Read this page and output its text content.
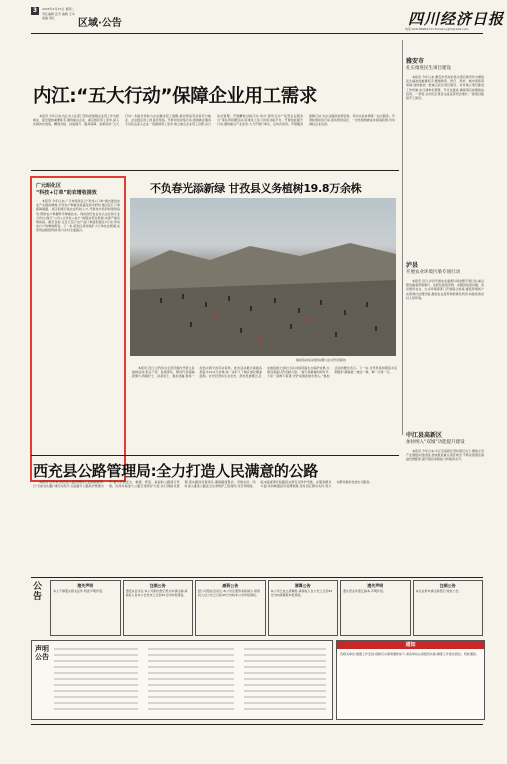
3	2025年4月15日 星期二
责任编辑 张芳 编辑 王中 美编 周红	区域·公告	四川经济日报
电话:028-86961711 Email:scjjrb@126.com
内江:“五大行动”保障企业用工需求

本报讯 今年以来,内江市人社部门坚持把保障企业用工作为稳就业、促发展的重要抓手,围绕重点企业、重点园区用工需求,深入实施岗位收集、精准对接、技能提升、服务保障、政策扶持“五大行动”,多措并举助力企业解决招工难题,推动形成劳动者充分就业、企业稳定用工的良好局面。开展岗位收集行动,组建就业服务专员队伍深入企业一线摸排用工需求,建立重点企业用工台账,实行动态管理。开展精准对接行动,举办“春风行动”“民营企业服务月”等系列招聘活动,搭建线上线下供需对接平台。开展技能提升行动,围绕重点产业需求,大力开展订单式、定向式培训。开展服务保障行动,为企业提供政策咨询、劳动关系协调等一站式服务。开展政策扶持行动,落实稳岗返还、一次性吸纳就业补贴等政策,切实减轻企业负担。

雅安市
扎实推进民生项目建设

本报讯 今年以来,雅安市坚持把民生项目建设作为增进民生福祉的重要抓手,聚焦教育、医疗、养老、城市更新等领域,加快推进一批重点民生项目建设。该市建立项目推进工作机制,实行清单化管理、节点化推进,确保项目按期建成投用。一季度,全市民生项目完成投资同比增长,一批项目陆续开工建设。

泸县
开展农业环境污染专项行动

本报讯 近日,泸县开展农业面源污染治理专项行动,重点整治畜禽养殖粪污、农药包装废弃物、农膜回收等问题。该县组织农业、生态环境等部门开展联合检查,督促养殖场户完善粪污处理设施,推进农业废弃物资源化利用,持续改善农村人居环境。

中江县高新区
加快纳入“双城”功能提升建设

本报讯 今年以来,中江县高新区坚持项目为王,聚焦主导产业强链补链延链,加快推进重点项目建设,不断完善园区基础设施配套,提升园区承载能力和服务水平。

广元昭化区
“科技+订单”助农增收提效

本报讯 今年以来,广元市昭化区以“科技+订单”模式推进农业产业提质增效,引导农户种植优质蔬菜和中药材,通过签订订单保障销路。该区积极引进农业科技人才,开展技术培训和现场指导,帮助农户掌握科学种植技术。同时依托农业龙头企业和专业合作社,推行“公司+合作社+农户”的联农带农机制,实现产销有效衔接。截至目前,全区已签订农产品订单面积超过2万亩,带动农户户均增收明显。下一步,昭化区将持续扩大订单农业规模,完善利益联结机制,助力乡村全面振兴。

不负春光添新绿 甘孜县义务植树19.8万余株
植树造林活动现场(图片由甘孜县提供)

本报讯 近日,甘孜县在全县范围内开展义务植树活动,机关干部、驻地部队、群众代表等踊跃参与,挥锹铲土、扶苗培土、提水浇灌,现场一派热火朝天的劳动景象。此次活动累计栽植各类苗木19.8万余株,进一步扩大了城乡绿化覆盖面积。甘孜县坚持生态优先、绿色发展理念,扎实推进国土绿化行动,持续巩固生态保护成果,为建设美丽甘孜贡献力量。“春天是植树的好时节,大家一起种下希望,守护家园的绿水青山。”参加活动的群众表示。下一步,甘孜县将加强苗木后期管护,确保栽一株活一株、种一片绿一片。

西充县公路管理局:全力打造人民满意的公路

本报讯 近年来,西充县公路管理局立足职能职责,以“四好农村路”建设为抓手,全面提升公路养护管理水平,着力打造安全、畅通、舒适、美丽的公路通行环境。该局持续加大公路日常养护力度,实行网格化管理,落实路段包保责任,确保路面整洁、设施完好。同时深入推进公路安全生命防护工程建设,对急弯陡坡、临水临崖等危险路段完善安全防护设施。在服务群众方面,该局畅通投诉受理渠道,及时回应群众关切,努力为群众提供优质出行服务。

公告
遗失声明
本人不慎遗失相关证件,特此声明作废。
注销公告
经股东会决议,本公司拟向登记机关申请注销,请债权人自本公告发布之日起45日内申报债权。
减资公告
经公司股东会决议,本公司注册资本拟减少,请债权人自公告之日起45日内向本公司申报债权。
清算公告
本公司已成立清算组,请债权人自公告之日起45日内向清算组申报债权。
遗失声明
遗失营业执照正副本,声明作废。
注销公告
本企业拟申请注销登记,特此公告。
声明公告
通知
各相关单位:根据工作安排,现就有关事项通知如下,请各单位认真组织实施,确保工作落实到位。特此通知。
